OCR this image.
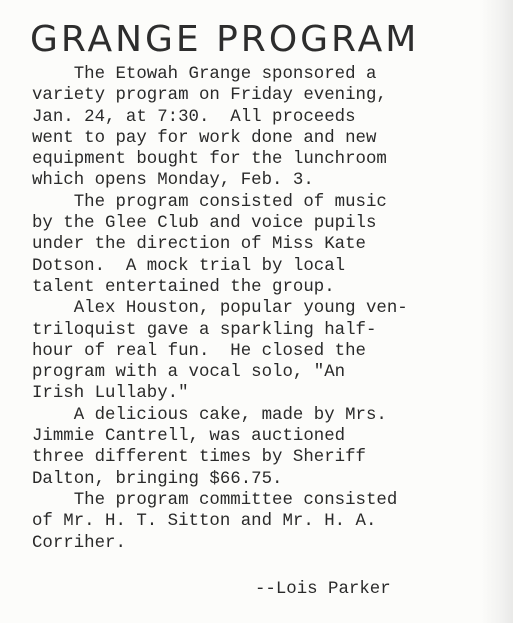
GRANGE PROGRAM
The Etowah Grange sponsored a
variety program on Friday evening,
Jan. 24, at 7:30.  All proceeds
went to pay for work done and new
equipment bought for the lunchroom
which opens Monday, Feb. 3.
The program consisted of music
by the Glee Club and voice pupils
under the direction of Miss Kate
Dotson.  A mock trial by local
talent entertained the group.
Alex Houston, popular young ven-
triloquist gave a sparkling half-
hour of real fun.  He closed the
program with a vocal solo, "An
Irish Lullaby."
A delicious cake, made by Mrs.
Jimmie Cantrell, was auctioned
three different times by Sheriff
Dalton, bringing $66.75.
The program committee consisted
of Mr. H. T. Sitton and Mr. H. A.
Corriher.
--Lois Parker
